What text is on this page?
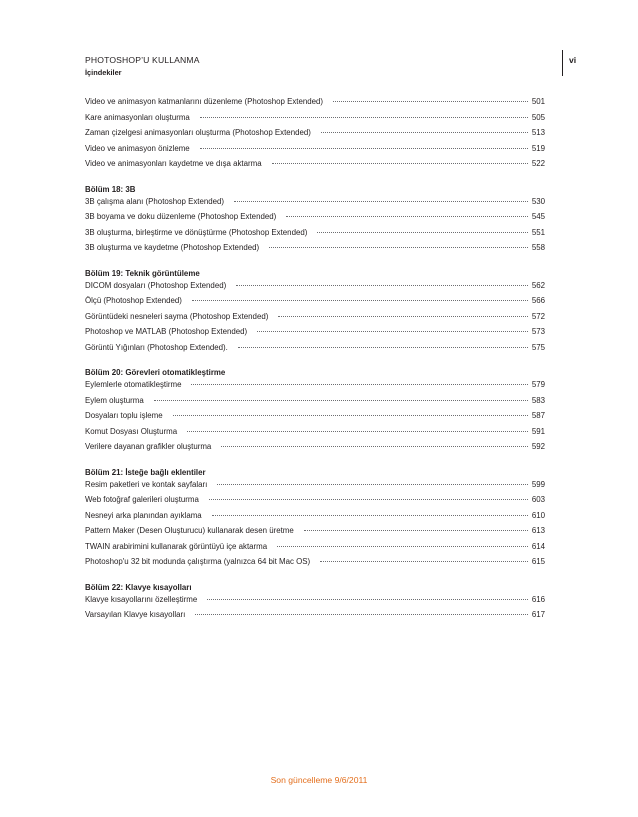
PHOTOSHOP’U KULLANMA
İçindekiler
vi
Video ve animasyon katmanlarını düzenleme (Photoshop Extended)	501
Kare animasyonları oluşturma	505
Zaman çizelgesi animasyonları oluşturma (Photoshop Extended)	513
Video ve animasyon önizleme	519
Video ve animasyonları kaydetme ve dışa aktarma	522
Bölüm 18: 3B
3B çalışma alanı (Photoshop Extended)	530
3B boyama ve doku düzenleme (Photoshop Extended)	545
3B oluşturma, birleştirme ve dönüştürme (Photoshop Extended)	551
3B oluşturma ve kaydetme (Photoshop Extended)	558
Bölüm 19: Teknik görüntüleme
DICOM dosyaları (Photoshop Extended)	562
Ölçü (Photoshop Extended)	566
Görüntüdeki nesneleri sayma (Photoshop Extended)	572
Photoshop ve MATLAB (Photoshop Extended)	573
Görüntü Yığınları (Photoshop Extended).	575
Bölüm 20: Görevleri otomatikleştirme
Eylemlerle otomatikleştirme	579
Eylem oluşturma	583
Dosyaları toplu işleme	587
Komut Dosyası Oluşturma	591
Verilere dayanan grafikler oluşturma	592
Bölüm 21: İsteğe bağlı eklentiler
Resim paketleri ve kontak sayfaları	599
Web fotoğraf galerileri oluşturma	603
Nesneyi arka planından ayıklama	610
Pattern Maker (Desen Oluşturucu) kullanarak desen üretme	613
TWAIN arabirimini kullanarak görüntüyü içe aktarma	614
Photoshop'u 32 bit modunda çalıştırma (yalnızca 64 bit Mac OS)	615
Bölüm 22: Klavye kısayolları
Klavye kısayollarını özelleştirme	616
Varsayılan Klavye kısayolları	617
Son güncelleme 9/6/2011
